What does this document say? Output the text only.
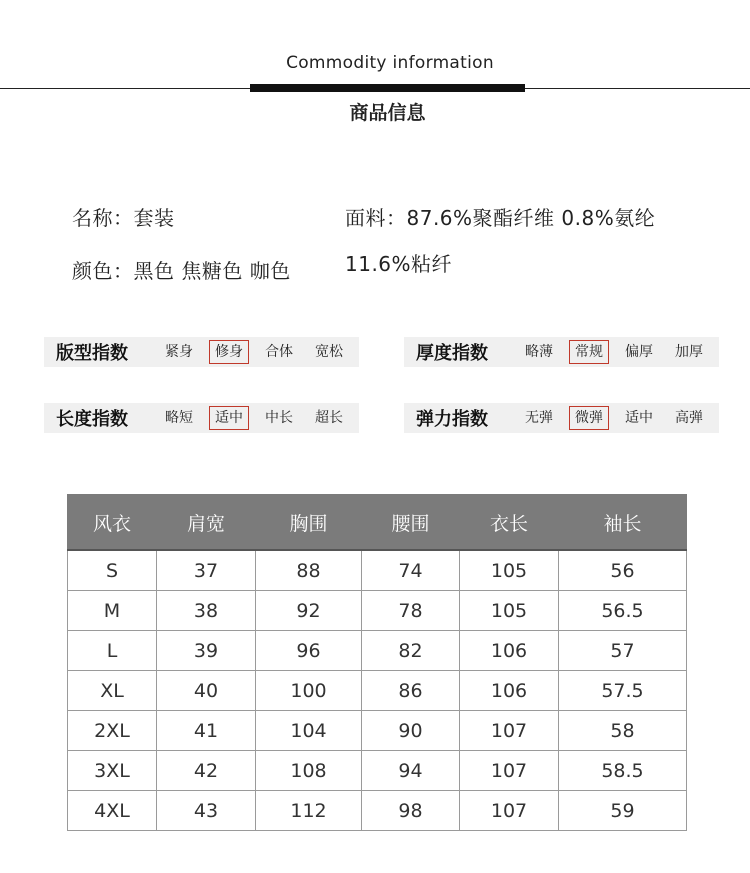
Commodity information
商品信息
名称：套装
颜色：黑色 焦糖色 咖色
面料：87.6%聚酯纤维 0.8%氨纶
11.6%粘纤
版型指数	紧身	修身	合体	宽松	厚度指数	略薄	常规	偏厚	加厚
长度指数	略短	适中	中长	超长	弹力指数	无弹	微弹	适中	高弹
风衣	肩宽	胸围	腰围	衣长	袖长
S	37	88	74	105	56
M	38	92	78	105	56.5
L	39	96	82	106	57
XL	40	100	86	106	57.5
2XL	41	104	90	107	58
3XL	42	108	94	107	58.5
4XL	43	112	98	107	59
